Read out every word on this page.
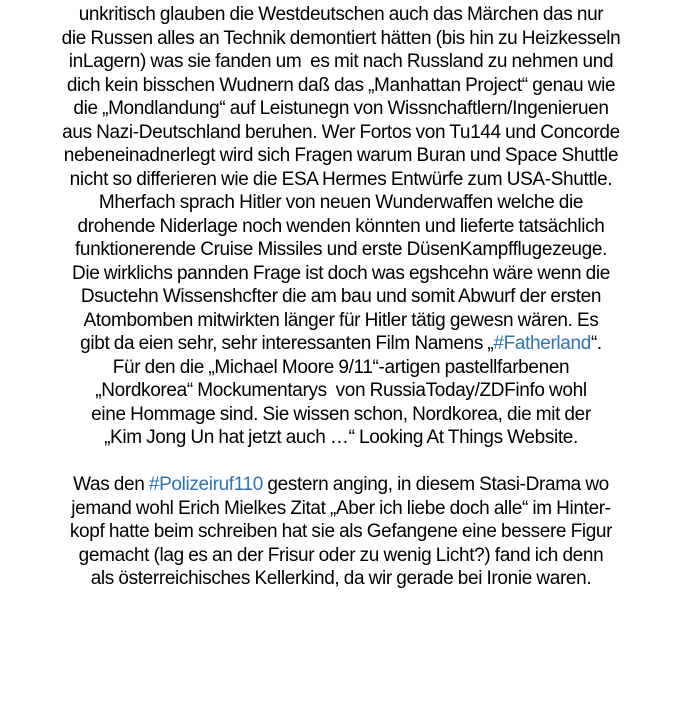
unkritisch glauben die Westdeutschen auch das Märchen das nur
die Russen alles an Technik demontiert hätten (bis hin zu Heizkesseln
inLagern) was sie fanden um  es mit nach Russland zu nehmen und
dich kein bisschen Wudnern daß das „Manhattan Project“ genau wie
die „Mondlandung“ auf Leistunegn von Wissnchaftlern/Ingenieruen
aus Nazi-Deutschland beruhen. Wer Fortos von Tu144 und Concorde
nebeneinadnerlegt wird sich Fragen warum Buran und Space Shuttle
nicht so differieren wie die ESA Hermes Entwürfe zum USA-Shuttle.
Mherfach sprach Hitler von neuen Wunderwaffen welche die
drohende Niderlage noch wenden könnten und lieferte tatsächlich
funktionerende Cruise Missiles und erste DüsenKampfflugezeuge.
Die wirklichs pannden Frage ist doch was egshcehn wäre wenn die
Dsuctehn Wissenshcfter die am bau und somit Abwurf der ersten
Atombomben mitwirkten länger für Hitler tätig gewesn wären. Es
gibt da eien sehr, sehr interessanten Film Namens „#Fatherland“.
Für den die „Michael Moore 9/11“-artigen pastellfarbenen
„Nordkorea“ Mockumentarys  von RussiaToday/ZDFinfo wohl
eine Hommage sind. Sie wissen schon, Nordkorea, die mit der
„Kim Jong Un hat jetzt auch …“ Looking At Things Website.
Was den #Polizeiruf110 gestern anging, in diesem Stasi-Drama wo
jemand wohl Erich Mielkes Zitat „Aber ich liebe doch alle“ im Hinter-
kopf hatte beim schreiben hat sie als Gefangene eine bessere Figur
gemacht (lag es an der Frisur oder zu wenig Licht?) fand ich denn
als österreichisches Kellerkind, da wir gerade bei Ironie waren.
